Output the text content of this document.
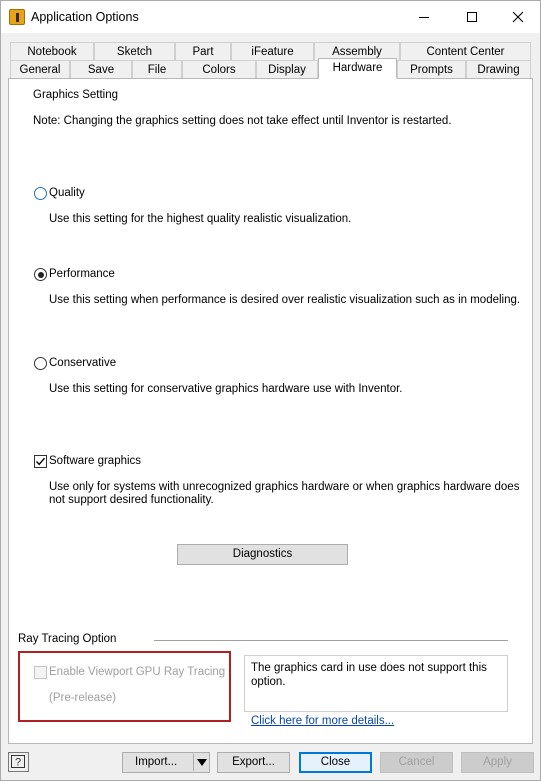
Application Options
Notebook	Sketch	Part	iFeature	Assembly	Content Center
General	Save	File	Colors	Display	Hardware	Prompts	Drawing
Graphics Setting
Note: Changing the graphics setting does not take effect until Inventor is restarted.
Quality
Use this setting for the highest quality realistic visualization.
Performance
Use this setting when performance is desired over realistic visualization such as in modeling.
Conservative
Use this setting for conservative graphics hardware use with Inventor.
Software graphics
Use only for systems with unrecognized graphics hardware or when graphics hardware does
not support desired functionality.
Diagnostics
Ray Tracing Option
Enable Viewport GPU Ray Tracing
(Pre-release)
The graphics card in use does not support this option.
Click here for more details...
?	Import...	Export...	Close	Cancel	Apply
